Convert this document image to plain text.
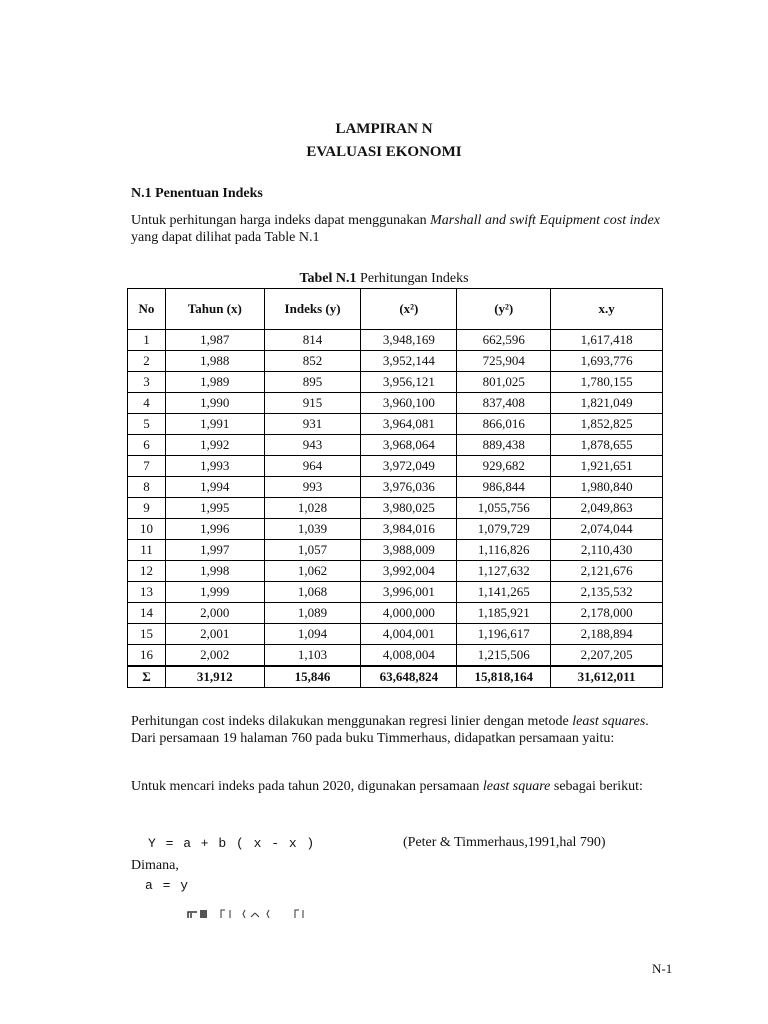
LAMPIRAN N
EVALUASI EKONOMI
N.1 Penentuan Indeks
Untuk perhitungan harga indeks dapat menggunakan Marshall and swift Equipment cost index yang dapat dilihat pada Table N.1
Tabel N.1 Perhitungan Indeks
No	Tahun (x)	Indeks (y)	(x²)	(y²)	x.y
1	1,987	814	3,948,169	662,596	1,617,418
2	1,988	852	3,952,144	725,904	1,693,776
3	1,989	895	3,956,121	801,025	1,780,155
4	1,990	915	3,960,100	837,408	1,821,049
5	1,991	931	3,964,081	866,016	1,852,825
6	1,992	943	3,968,064	889,438	1,878,655
7	1,993	964	3,972,049	929,682	1,921,651
8	1,994	993	3,976,036	986,844	1,980,840
9	1,995	1,028	3,980,025	1,055,756	2,049,863
10	1,996	1,039	3,984,016	1,079,729	2,074,044
11	1,997	1,057	3,988,009	1,116,826	2,110,430
12	1,998	1,062	3,992,004	1,127,632	2,121,676
13	1,999	1,068	3,996,001	1,141,265	2,135,532
14	2,000	1,089	4,000,000	1,185,921	2,178,000
15	2,001	1,094	4,004,001	1,196,617	2,188,894
16	2,002	1,103	4,008,004	1,215,506	2,207,205
Σ	31,912	15,846	63,648,824	15,818,164	31,612,011
Perhitungan cost indeks dilakukan menggunakan regresi linier dengan metode least squares. Dari persamaan 19 halaman 760 pada buku Timmerhaus, didapatkan persamaan yaitu:
Untuk mencari indeks pada tahun 2020, digunakan persamaan least square sebagai berikut:
Y = a + b ( x - x )	(Peter & Timmerhaus,1991,hal 790)
Dimana,
a = y
N-1
